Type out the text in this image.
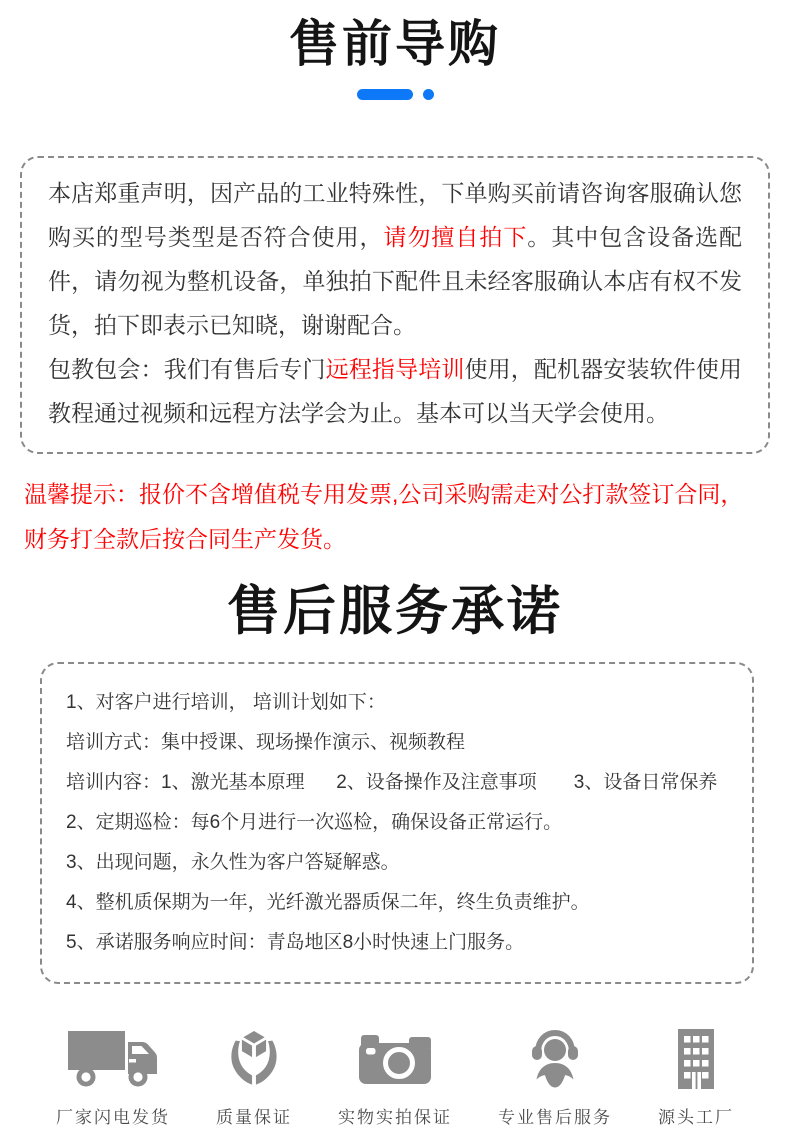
售前导购

本店郑重声明，因产品的工业特殊性，下单购买前请咨询客服确认您购买的型号类型是否符合使用，请勿擅自拍下。其中包含设备选配件，请勿视为整机设备，单独拍下配件且未经客服确认本店有权不发货，拍下即表示已知晓，谢谢配合。

包教包会：我们有售后专门远程指导培训使用，配机器安装软件使用教程通过视频和远程方法学会为止。基本可以当天学会使用。

温馨提示：报价不含增值税专用发票,公司采购需走对公打款签订合同，财务打全款后按合同生产发货。

售后服务承诺
1、对客户进行培训， 培训计划如下：
培训方式：集中授课、现场操作演示、视频教程
培训内容：1、激光基本原理      2、设备操作及注意事项       3、设备日常保养
2、定期巡检：每6个月进行一次巡检，确保设备正常运行。
3、出现问题，永久性为客户答疑解惑。
4、整机质保期为一年，光纤激光器质保二年，终生负责维护。
5、承诺服务响应时间：青岛地区8小时快速上门服务。
厂家闪电发货	质量保证	实物实拍保证	专业售后服务	源头工厂
